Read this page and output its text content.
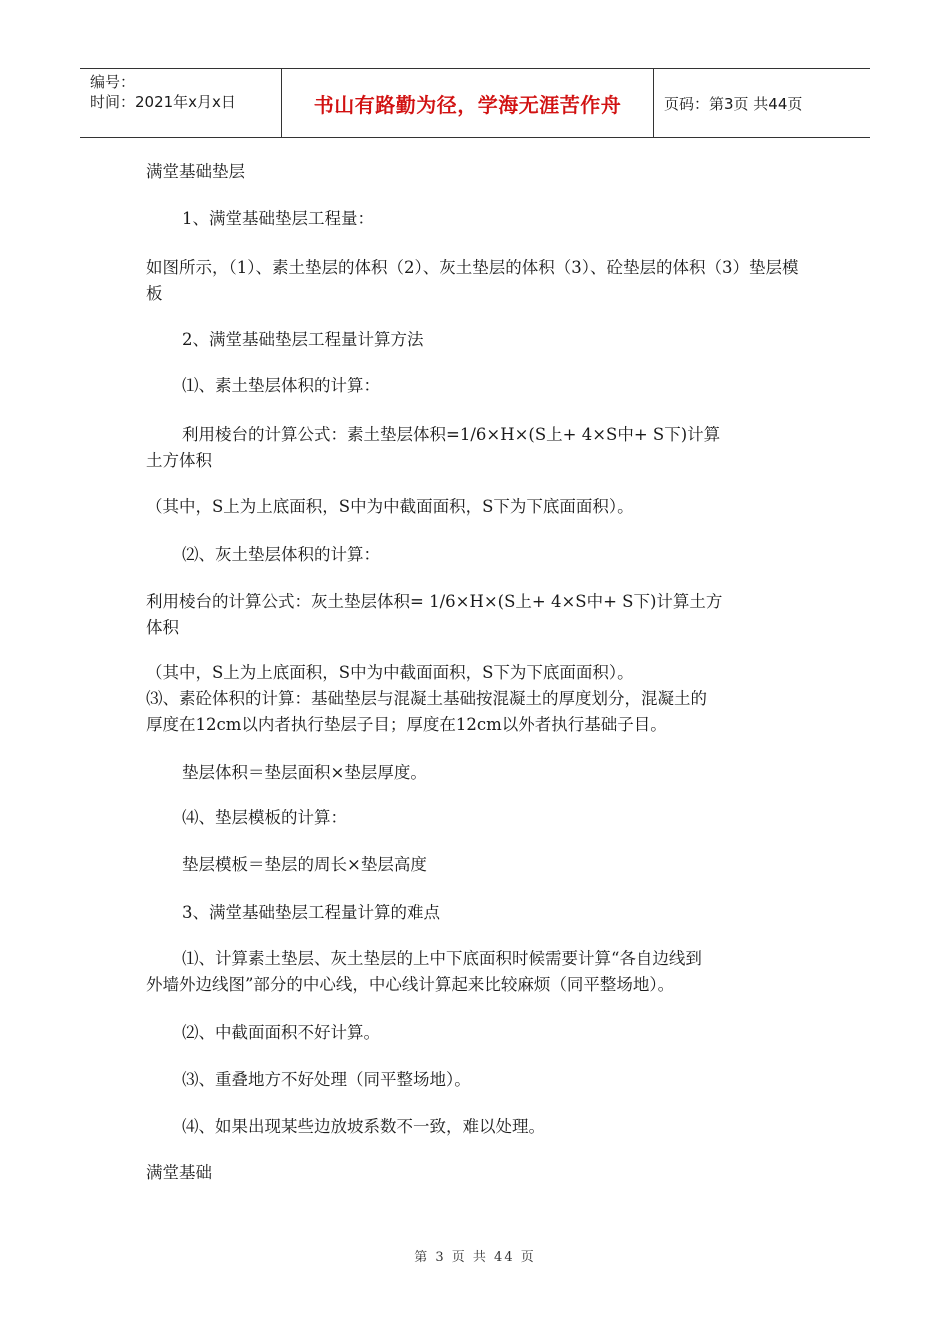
编号：
时间：2021年x月x日	书山有路勤为径，学海无涯苦作舟	页码：第3页 共44页

满堂基础垫层

1、满堂基础垫层工程量：

如图所示，（1）、素土垫层的体积（2）、灰土垫层的体积（3）、砼垫层的体积（3）垫层模板

2、满堂基础垫层工程量计算方法

⑴、素土垫层体积的计算：

利用棱台的计算公式：素土垫层体积=1/6×H×(S上+ 4×S中+ S下)计算

土方体积

（其中，S上为上底面积，S中为中截面面积，S下为下底面面积）。

⑵、灰土垫层体积的计算：

利用棱台的计算公式：灰土垫层体积= 1/6×H×(S上+ 4×S中+ S下)计算土方

体积

（其中，S上为上底面积，S中为中截面面积，S下为下底面面积）。

⑶、素砼体积的计算：基础垫层与混凝土基础按混凝土的厚度划分，混凝土的

厚度在12cm以内者执行垫层子目；厚度在12cm以外者执行基础子目。

垫层体积＝垫层面积×垫层厚度。

⑷、垫层模板的计算：

垫层模板＝垫层的周长×垫层高度

3、满堂基础垫层工程量计算的难点

⑴、计算素土垫层、灰土垫层的上中下底面积时候需要计算“各自边线到

外墙外边线图”部分的中心线，中心线计算起来比较麻烦（同平整场地）。

⑵、中截面面积不好计算。

⑶、重叠地方不好处理（同平整场地）。

⑷、如果出现某些边放坡系数不一致，难以处理。

满堂基础

第 3 页 共 44 页
